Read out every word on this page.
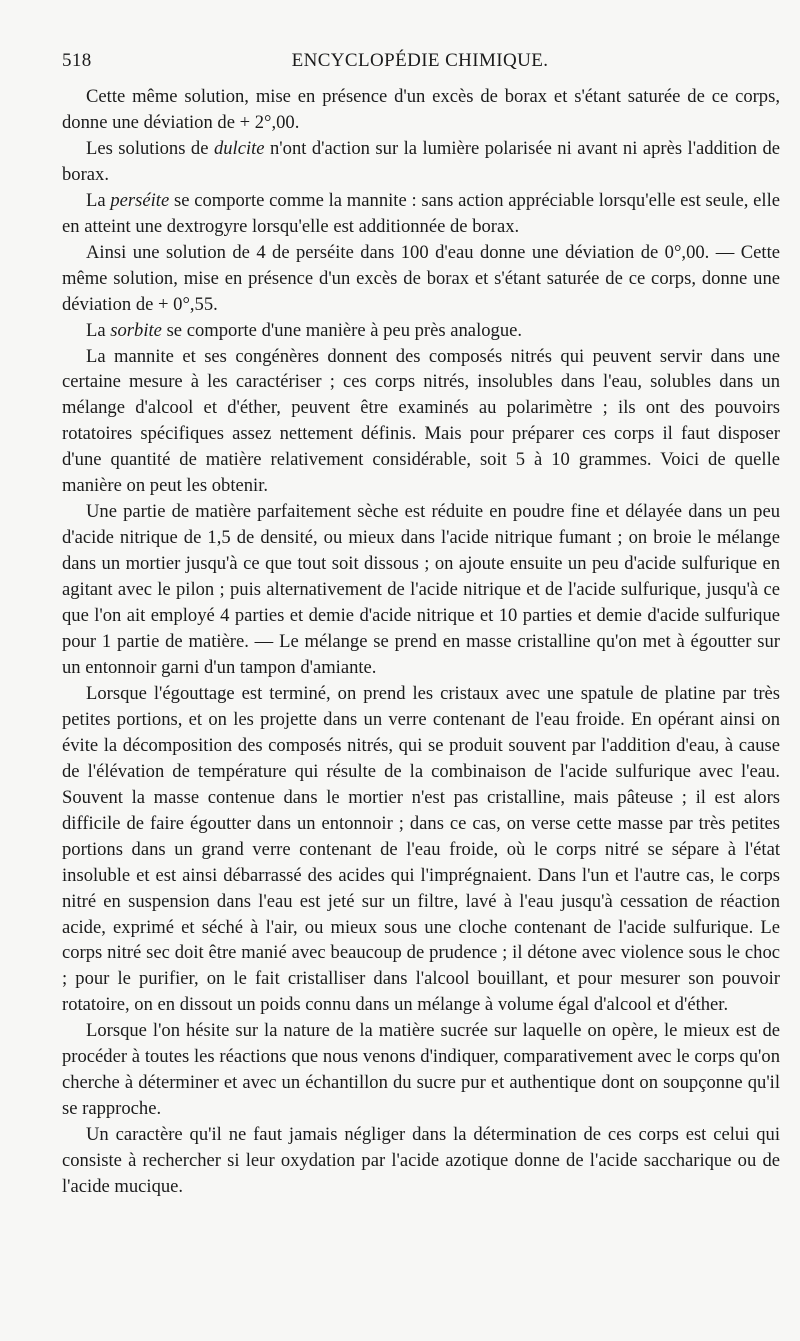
518	ENCYCLOPÉDIE CHIMIQUE.

Cette même solution, mise en présence d'un excès de borax et s'étant saturée de ce corps, donne une déviation de + 2°,00.

Les solutions de dulcite n'ont d'action sur la lumière polarisée ni avant ni après l'addition de borax.

La perséite se comporte comme la mannite : sans action appréciable lorsqu'elle est seule, elle en atteint une dextrogyre lorsqu'elle est additionnée de borax.

Ainsi une solution de 4 de perséite dans 100 d'eau donne une déviation de 0°,00. — Cette même solution, mise en présence d'un excès de borax et s'étant saturée de ce corps, donne une déviation de + 0°,55.

La sorbite se comporte d'une manière à peu près analogue.

La mannite et ses congénères donnent des composés nitrés qui peuvent servir dans une certaine mesure à les caractériser ; ces corps nitrés, insolubles dans l'eau, solubles dans un mélange d'alcool et d'éther, peuvent être examinés au polarimètre ; ils ont des pouvoirs rotatoires spécifiques assez nettement définis. Mais pour préparer ces corps il faut disposer d'une quantité de matière relativement considérable, soit 5 à 10 grammes. Voici de quelle manière on peut les obtenir.

Une partie de matière parfaitement sèche est réduite en poudre fine et délayée dans un peu d'acide nitrique de 1,5 de densité, ou mieux dans l'acide nitrique fumant ; on broie le mélange dans un mortier jusqu'à ce que tout soit dissous ; on ajoute ensuite un peu d'acide sulfurique en agitant avec le pilon ; puis alternativement de l'acide nitrique et de l'acide sulfurique, jusqu'à ce que l'on ait employé 4 parties et demie d'acide nitrique et 10 parties et demie d'acide sulfurique pour 1 partie de matière. — Le mélange se prend en masse cristalline qu'on met à égoutter sur un entonnoir garni d'un tampon d'amiante.

Lorsque l'égouttage est terminé, on prend les cristaux avec une spatule de platine par très petites portions, et on les projette dans un verre contenant de l'eau froide. En opérant ainsi on évite la décomposition des composés nitrés, qui se produit souvent par l'addition d'eau, à cause de l'élévation de température qui résulte de la combinaison de l'acide sulfurique avec l'eau. Souvent la masse contenue dans le mortier n'est pas cristalline, mais pâteuse ; il est alors difficile de faire égoutter dans un entonnoir ; dans ce cas, on verse cette masse par très petites portions dans un grand verre contenant de l'eau froide, où le corps nitré se sépare à l'état insoluble et est ainsi débarrassé des acides qui l'imprégnaient. Dans l'un et l'autre cas, le corps nitré en suspension dans l'eau est jeté sur un filtre, lavé à l'eau jusqu'à cessation de réaction acide, exprimé et séché à l'air, ou mieux sous une cloche contenant de l'acide sulfurique. Le corps nitré sec doit être manié avec beaucoup de prudence ; il détone avec violence sous le choc ; pour le purifier, on le fait cristalliser dans l'alcool bouillant, et pour mesurer son pouvoir rotatoire, on en dissout un poids connu dans un mélange à volume égal d'alcool et d'éther.

Lorsque l'on hésite sur la nature de la matière sucrée sur laquelle on opère, le mieux est de procéder à toutes les réactions que nous venons d'indiquer, comparativement avec le corps qu'on cherche à déterminer et avec un échantillon du sucre pur et authentique dont on soupçonne qu'il se rapproche.

Un caractère qu'il ne faut jamais négliger dans la détermination de ces corps est celui qui consiste à rechercher si leur oxydation par l'acide azotique donne de l'acide saccharique ou de l'acide mucique.
